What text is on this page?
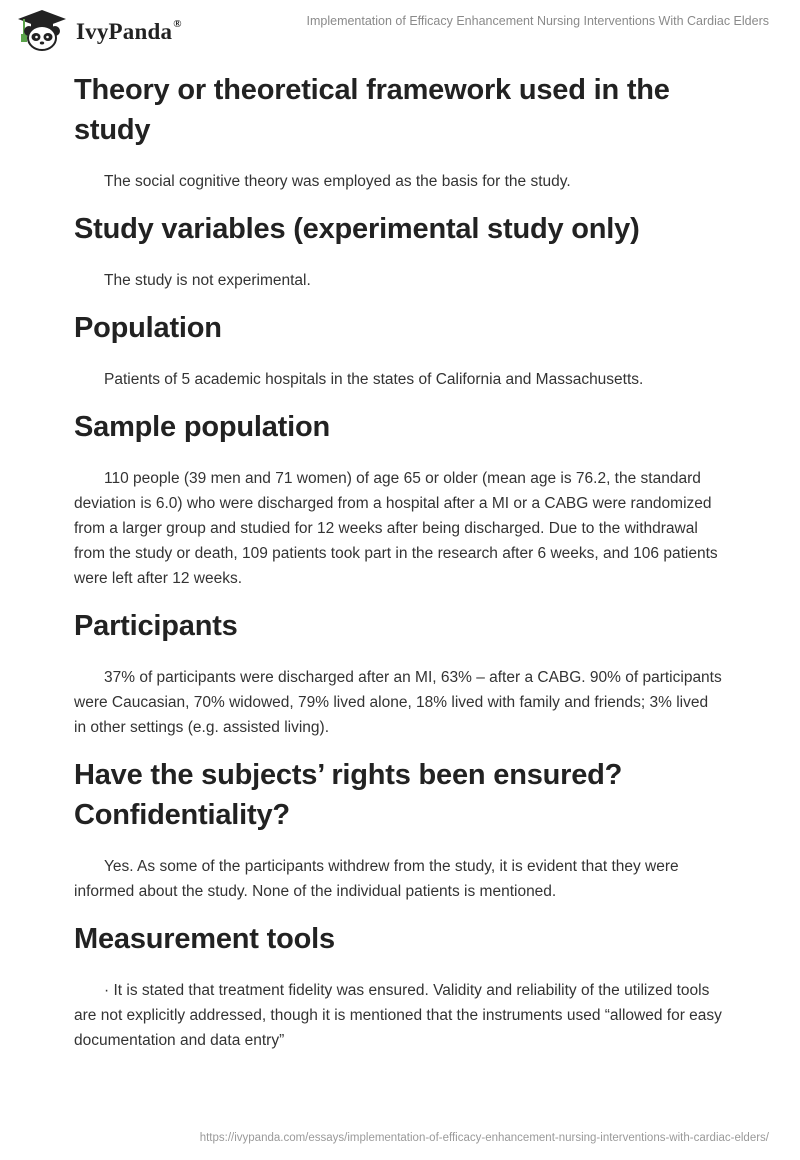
IvyPanda®	Implementation of Efficacy Enhancement Nursing Interventions With Cardiac Elders
Theory or theoretical framework used in the study

The social cognitive theory was employed as the basis for the study.

Study variables (experimental study only)

The study is not experimental.

Population

Patients of 5 academic hospitals in the states of California and Massachusetts.

Sample population

110 people (39 men and 71 women) of age 65 or older (mean age is 76.2, the standard deviation is 6.0) who were discharged from a hospital after a MI or a CABG were randomized from a larger group and studied for 12 weeks after being discharged. Due to the withdrawal from the study or death, 109 patients took part in the research after 6 weeks, and 106 patients were left after 12 weeks.

Participants

37% of participants were discharged after an MI, 63% – after a CABG. 90% of participants were Caucasian, 70% widowed, 79% lived alone, 18% lived with family and friends; 3% lived in other settings (e.g. assisted living).

Have the subjects’ rights been ensured? Confidentiality?

Yes. As some of the participants withdrew from the study, it is evident that they were informed about the study. None of the individual patients is mentioned.

Measurement tools

· It is stated that treatment fidelity was ensured. Validity and reliability of the utilized tools are not explicitly addressed, though it is mentioned that the instruments used “allowed for easy documentation and data entry”

https://ivypanda.com/essays/implementation-of-efficacy-enhancement-nursing-interventions-with-cardiac-elders/
